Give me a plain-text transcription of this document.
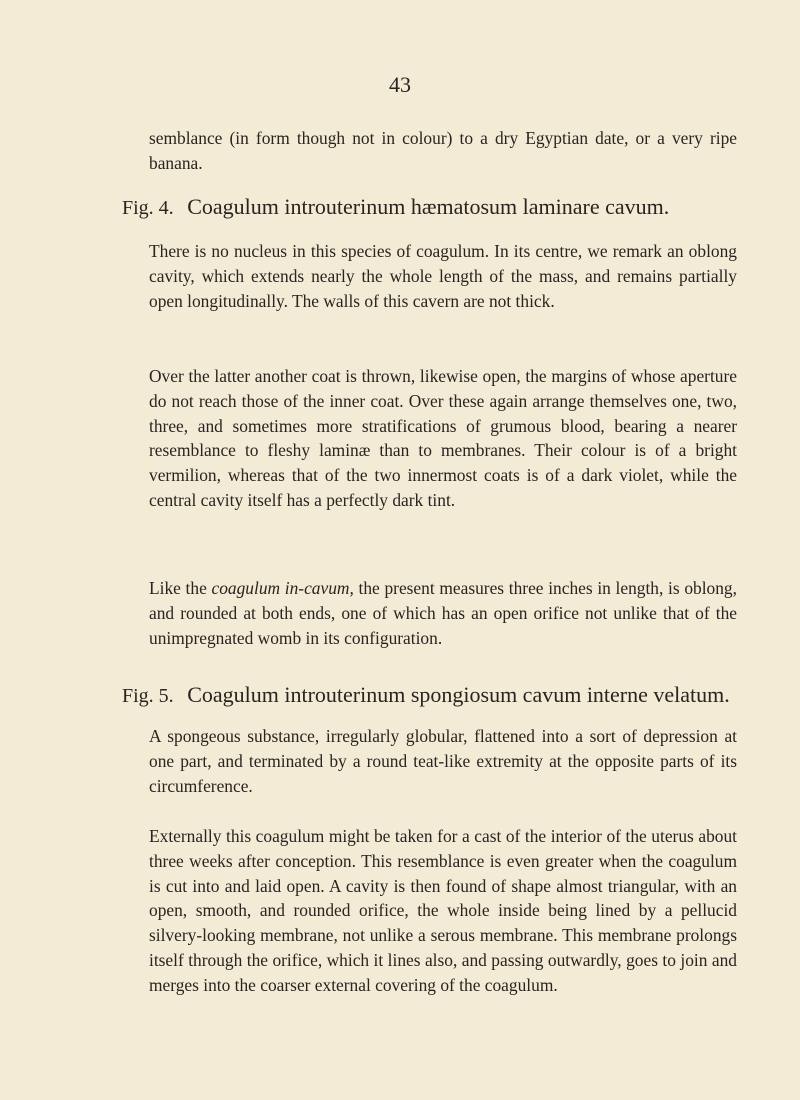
43

semblance (in form though not in colour) to a dry Egyptian date, or a very ripe banana.

Fig. 4. Coagulum introuterinum hæmatosum laminare cavum.

There is no nucleus in this species of coagulum. In its centre, we remark an oblong cavity, which extends nearly the whole length of the mass, and remains partially open longitudinally. The walls of this cavern are not thick.

Over the latter another coat is thrown, likewise open, the margins of whose aperture do not reach those of the inner coat. Over these again arrange themselves one, two, three, and sometimes more stratifications of grumous blood, bearing a nearer resemblance to fleshy laminæ than to membranes. Their colour is of a bright vermilion, whereas that of the two innermost coats is of a dark violet, while the central cavity itself has a perfectly dark tint.

Like the coagulum in-cavum, the present measures three inches in length, is oblong, and rounded at both ends, one of which has an open orifice not unlike that of the unimpregnated womb in its configuration.

Fig. 5. Coagulum introuterinum spongiosum cavum interne velatum.

A spongeous substance, irregularly globular, flattened into a sort of depression at one part, and terminated by a round teat-like extremity at the opposite parts of its circumference.

Externally this coagulum might be taken for a cast of the interior of the uterus about three weeks after conception. This resemblance is even greater when the coagulum is cut into and laid open. A cavity is then found of shape almost triangular, with an open, smooth, and rounded orifice, the whole inside being lined by a pellucid silvery-looking membrane, not unlike a serous membrane. This membrane prolongs itself through the orifice, which it lines also, and passing outwardly, goes to join and merges into the coarser external covering of the coagulum.
